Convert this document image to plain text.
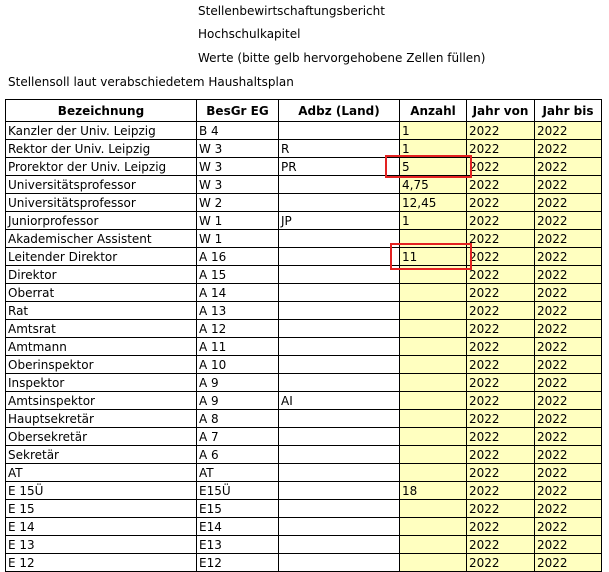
Stellenbewirtschaftungsbericht
Hochschulkapitel
Werte (bitte gelb hervorgehobene Zellen füllen)
Stellensoll laut verabschiedetem Haushaltsplan
Bezeichnung	BesGr EG	Adbz (Land)	Anzahl	Jahr von	Jahr bis
Kanzler der Univ. Leipzig	B 4		1	2022	2022
Rektor der Univ. Leipzig	W 3	R	1	2022	2022
Prorektor der Univ. Leipzig	W 3	PR	5	2022	2022
Universitätsprofessor	W 3		4,75	2022	2022
Universitätsprofessor	W 2		12,45	2022	2022
Juniorprofessor	W 1	JP	1	2022	2022
Akademischer Assistent	W 1			2022	2022
Leitender Direktor	A 16		11	2022	2022
Direktor	A 15			2022	2022
Oberrat	A 14			2022	2022
Rat	A 13			2022	2022
Amtsrat	A 12			2022	2022
Amtmann	A 11			2022	2022
Oberinspektor	A 10			2022	2022
Inspektor	A 9			2022	2022
Amtsinspektor	A 9	AI		2022	2022
Hauptsekretär	A 8			2022	2022
Obersekretär	A 7			2022	2022
Sekretär	A 6			2022	2022
AT	AT			2022	2022
E 15Ü	E15Ü		18	2022	2022
E 15	E15			2022	2022
E 14	E14			2022	2022
E 13	E13			2022	2022
E 12	E12			2022	2022
